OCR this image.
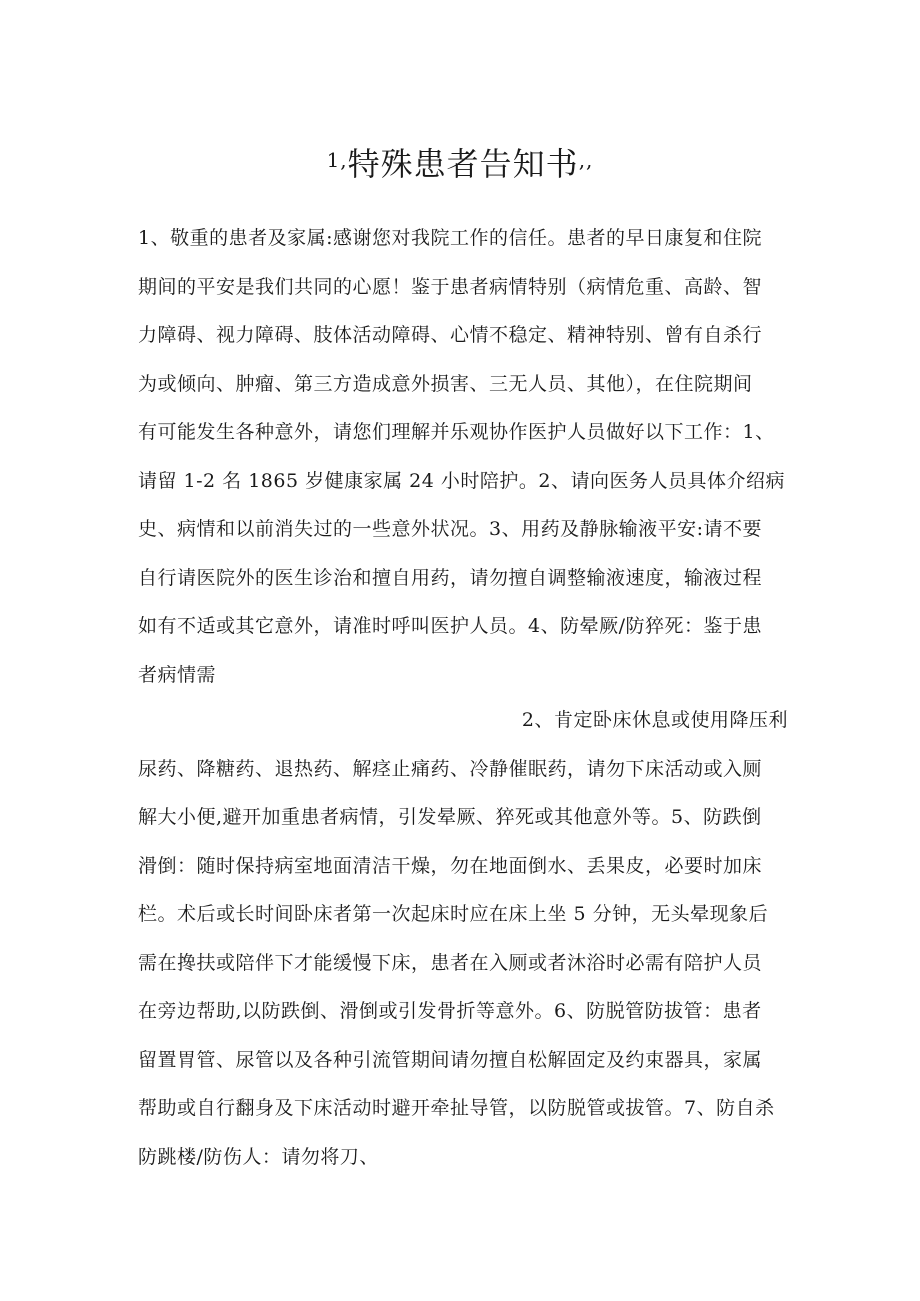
$^{1,}$特殊患者告知书,,
1、敬重的患者及家属:感谢您对我院工作的信任。患者的早日康复和住院
期间的平安是我们共同的心愿！鉴于患者病情特别（病情危重、高龄、智
力障碍、视力障碍、肢体活动障碍、心情不稳定、精神特别、曾有自杀行
为或倾向、肿瘤、第三方造成意外损害、三无人员、其他），在住院期间
有可能发生各种意外，请您们理解并乐观协作医护人员做好以下工作：1、
请留 1-2 名 1865 岁健康家属 24 小时陪护。2、请向医务人员具体介绍病
史、病情和以前消失过的一些意外状况。3、用药及静脉输液平安:请不要
自行请医院外的医生诊治和擅自用药，请勿擅自调整输液速度，输液过程
如有不适或其它意外，请准时呼叫医护人员。4、防晕厥/防猝死：鉴于患
者病情需
2、肯定卧床休息或使用降压利
尿药、降糖药、退热药、解痉止痛药、冷静催眠药，请勿下床活动或入厕
解大小便,避开加重患者病情，引发晕厥、猝死或其他意外等。5、防跌倒
滑倒：随时保持病室地面清洁干燥，勿在地面倒水、丢果皮，必要时加床
栏。术后或长时间卧床者第一次起床时应在床上坐 5 分钟，无头晕现象后
需在搀扶或陪伴下才能缓慢下床，患者在入厕或者沐浴时必需有陪护人员
在旁边帮助,以防跌倒、滑倒或引发骨折等意外。6、防脱管防拔管：患者
留置胃管、尿管以及各种引流管期间请勿擅自松解固定及约束器具，家属
帮助或自行翻身及下床活动时避开牵扯导管，以防脱管或拔管。7、防自杀
防跳楼/防伤人：请勿将刀、
